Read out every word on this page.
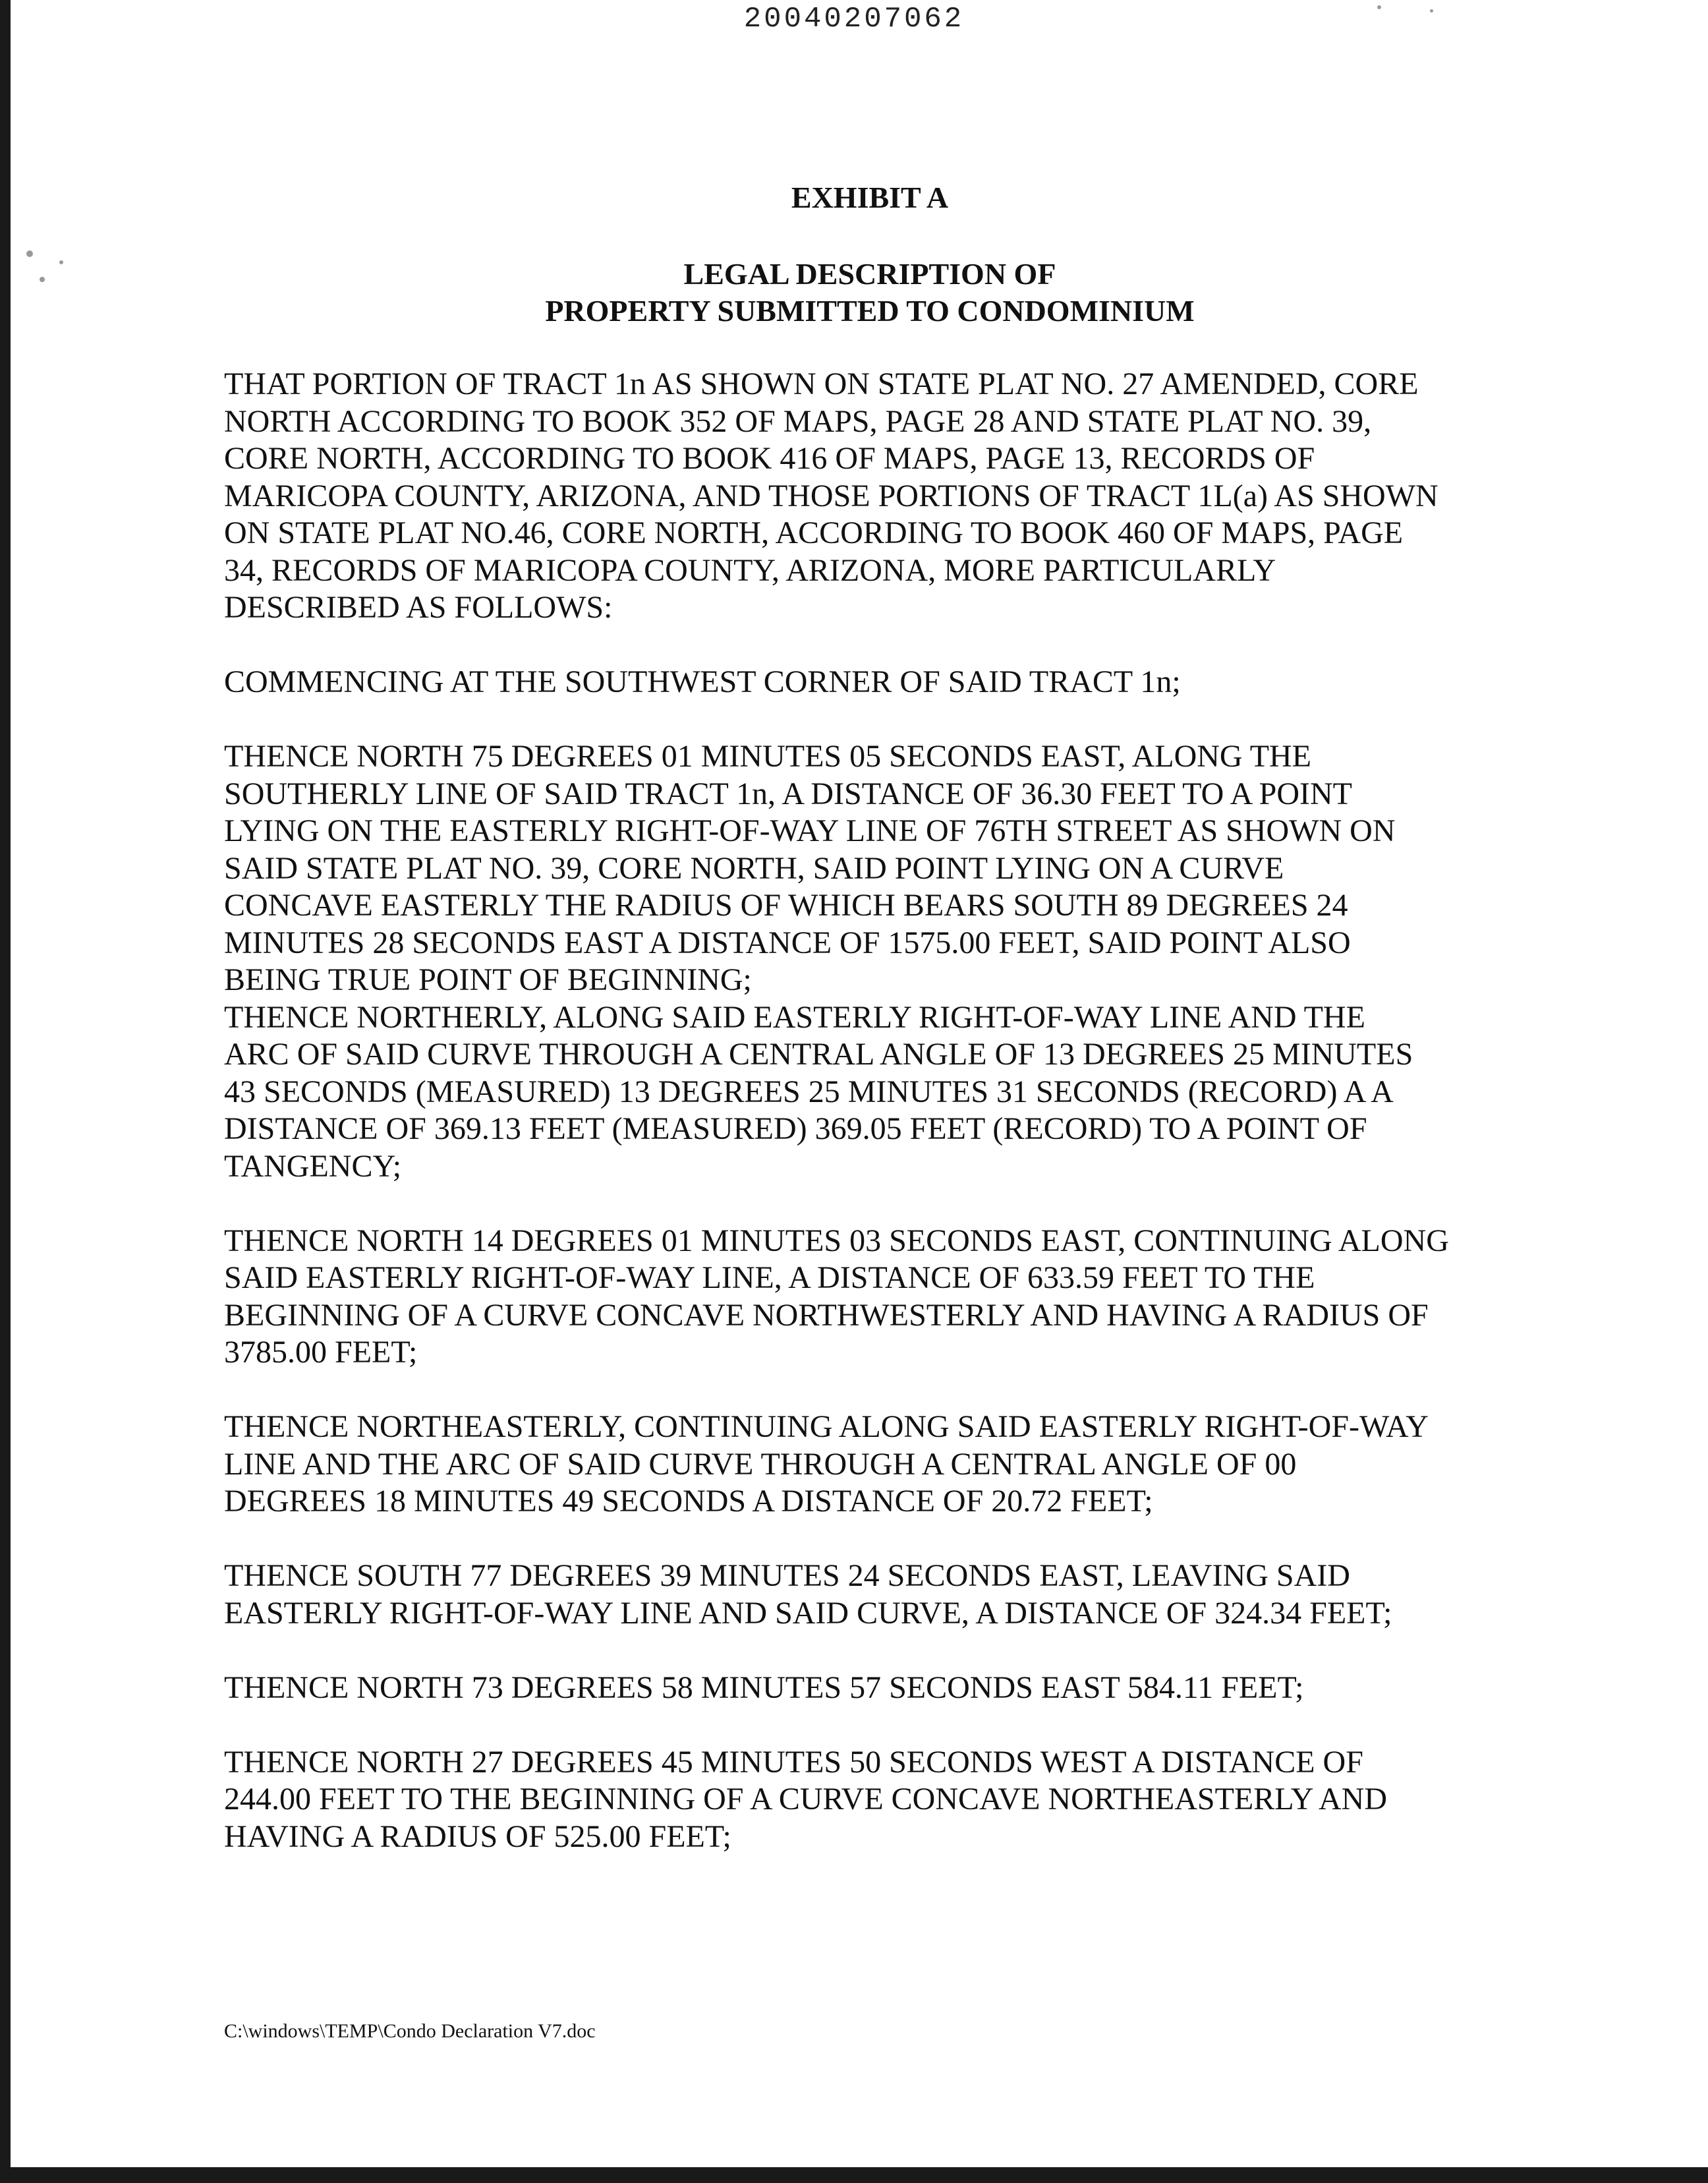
20040207062
EXHIBIT A
LEGAL DESCRIPTION OF
PROPERTY SUBMITTED TO CONDOMINIUM

THAT PORTION OF TRACT 1n AS SHOWN ON STATE PLAT NO. 27 AMENDED, CORE
NORTH ACCORDING TO BOOK 352 OF MAPS, PAGE 28 AND STATE PLAT NO. 39,
CORE NORTH, ACCORDING TO BOOK 416 OF MAPS, PAGE 13, RECORDS OF
MARICOPA COUNTY, ARIZONA, AND THOSE PORTIONS OF TRACT 1L(a) AS SHOWN
ON STATE PLAT NO.46, CORE NORTH, ACCORDING TO BOOK 460 OF MAPS, PAGE
34, RECORDS OF MARICOPA COUNTY, ARIZONA, MORE PARTICULARLY
DESCRIBED AS FOLLOWS:

COMMENCING AT THE SOUTHWEST CORNER OF SAID TRACT 1n;

THENCE NORTH 75 DEGREES 01 MINUTES 05 SECONDS EAST, ALONG THE
SOUTHERLY LINE OF SAID TRACT 1n, A DISTANCE OF 36.30 FEET TO A POINT
LYING ON THE EASTERLY RIGHT-OF-WAY LINE OF 76TH STREET AS SHOWN ON
SAID STATE PLAT NO. 39, CORE NORTH, SAID POINT LYING ON A CURVE
CONCAVE EASTERLY THE RADIUS OF WHICH BEARS SOUTH 89 DEGREES 24
MINUTES 28 SECONDS EAST A DISTANCE OF 1575.00 FEET, SAID POINT ALSO
BEING TRUE POINT OF BEGINNING;

THENCE NORTHERLY, ALONG SAID EASTERLY RIGHT-OF-WAY LINE AND THE
ARC OF SAID CURVE THROUGH A CENTRAL ANGLE OF 13 DEGREES 25 MINUTES
43 SECONDS (MEASURED) 13 DEGREES 25 MINUTES 31 SECONDS (RECORD) A A
DISTANCE OF 369.13 FEET (MEASURED) 369.05 FEET (RECORD) TO A POINT OF
TANGENCY;

THENCE NORTH 14 DEGREES 01 MINUTES 03 SECONDS EAST, CONTINUING ALONG
SAID EASTERLY RIGHT-OF-WAY LINE, A DISTANCE OF 633.59 FEET TO THE
BEGINNING OF A CURVE CONCAVE NORTHWESTERLY AND HAVING A RADIUS OF
3785.00 FEET;

THENCE NORTHEASTERLY, CONTINUING ALONG SAID EASTERLY RIGHT-OF-WAY
LINE AND THE ARC OF SAID CURVE THROUGH A CENTRAL ANGLE OF 00
DEGREES 18 MINUTES 49 SECONDS A DISTANCE OF 20.72 FEET;

THENCE SOUTH 77 DEGREES 39 MINUTES 24 SECONDS EAST, LEAVING SAID
EASTERLY RIGHT-OF-WAY LINE AND SAID CURVE, A DISTANCE OF 324.34 FEET;

THENCE NORTH 73 DEGREES 58 MINUTES 57 SECONDS EAST 584.11 FEET;

THENCE NORTH 27 DEGREES 45 MINUTES 50 SECONDS WEST A DISTANCE OF
244.00 FEET TO THE BEGINNING OF A CURVE CONCAVE NORTHEASTERLY AND
HAVING A RADIUS OF 525.00 FEET;

C:\windows\TEMP\Condo Declaration V7.doc
